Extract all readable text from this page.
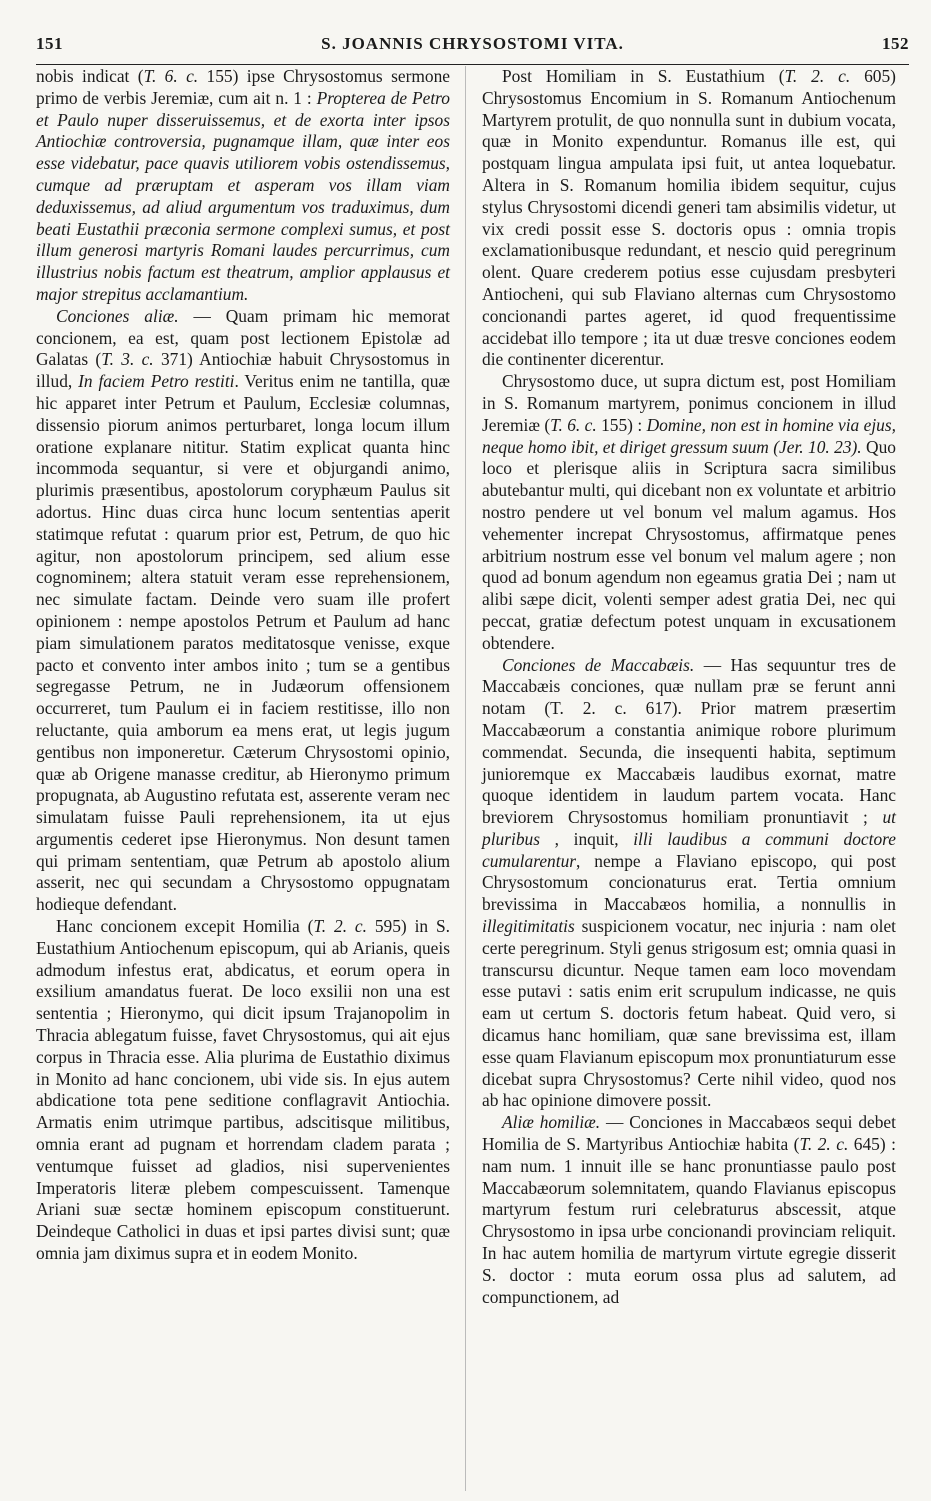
151	S. JOANNIS CHRYSOSTOMI VITA.	152

nobis indicat (T. 6. c. 155) ipse Chrysostomus sermone primo de verbis Jeremiæ, cum ait n. 1 : Propterea de Petro et Paulo nuper disseruissemus, et de exorta inter ipsos Antiochiæ controversia, pugnamque illam, quæ inter eos esse videbatur, pace quavis utiliorem vobis ostendissemus, cumque ad præruptam et asperam vos illam viam deduxissemus, ad aliud argumentum vos traduximus, dum beati Eustathii præconia sermone complexi sumus, et post illum generosi martyris Romani laudes percurrimus, cum illustrius nobis factum est theatrum, amplior applausus et major strepitus acclamantium.

Conciones aliæ. — Quam primam hic memorat concionem, ea est, quam post lectionem Epistolæ ad Galatas (T. 3. c. 371) Antiochiæ habuit Chrysostomus in illud, In faciem Petro restiti. Veritus enim ne tantilla, quæ hic apparet inter Petrum et Paulum, Ecclesiæ columnas, dissensio piorum animos perturbaret, longa locum illum oratione explanare nititur. Statim explicat quanta hinc incommoda sequantur, si vere et objurgandi animo, plurimis præsentibus, apostolorum coryphæum Paulus sit adortus. Hinc duas circa hunc locum sententias aperit statimque refutat : quarum prior est, Petrum, de quo hic agitur, non apostolorum principem, sed alium esse cognominem; altera statuit veram esse reprehensionem, nec simulate factam. Deinde vero suam ille profert opinionem : nempe apostolos Petrum et Paulum ad hanc piam simulationem paratos meditatosque venisse, exque pacto et convento inter ambos inito ; tum se a gentibus segregasse Petrum, ne in Judæorum offensionem occurreret, tum Paulum ei in faciem restitisse, illo non reluctante, quia amborum ea mens erat, ut legis jugum gentibus non imponeretur. Cæterum Chrysostomi opinio, quæ ab Origene manasse creditur, ab Hieronymo primum propugnata, ab Augustino refutata est, asserente veram nec simulatam fuisse Pauli reprehensionem, ita ut ejus argumentis cederet ipse Hieronymus. Non desunt tamen qui primam sententiam, quæ Petrum ab apostolo alium asserit, nec qui secundam a Chrysostomo oppugnatam hodieque defendant.

Hanc concionem excepit Homilia (T. 2. c. 595) in S. Eustathium Antiochenum episcopum, qui ab Arianis, queis admodum infestus erat, abdicatus, et eorum opera in exsilium amandatus fuerat. De loco exsilii non una est sententia ; Hieronymo, qui dicit ipsum Trajanopolim in Thracia ablegatum fuisse, favet Chrysostomus, qui ait ejus corpus in Thracia esse. Alia plurima de Eustathio diximus in Monito ad hanc concionem, ubi vide sis. In ejus autem abdicatione tota pene seditione conflagravit Antiochia. Armatis enim utrimque partibus, adscitisque militibus, omnia erant ad pugnam et horrendam cladem parata ; ventumque fuisset ad gladios, nisi supervenientes Imperatoris literæ plebem compescuissent. Tamenque Ariani suæ sectæ hominem episcopum constituerunt. Deindeque Catholici in duas et ipsi partes divisi sunt; quæ omnia jam diximus supra et in eodem Monito.

Post Homiliam in S. Eustathium (T. 2. c. 605) Chrysostomus Encomium in S. Romanum Antiochenum Martyrem protulit, de quo nonnulla sunt in dubium vocata, quæ in Monito expenduntur. Romanus ille est, qui postquam lingua ampulata ipsi fuit, ut antea loquebatur. Altera in S. Romanum homilia ibidem sequitur, cujus stylus Chrysostomi dicendi generi tam absimilis videtur, ut vix credi possit esse S. doctoris opus : omnia tropis exclamationibusque redundant, et nescio quid peregrinum olent. Quare crederem potius esse cujusdam presbyteri Antiocheni, qui sub Flaviano alternas cum Chrysostomo concionandi partes ageret, id quod frequentissime accidebat illo tempore ; ita ut duæ tresve conciones eodem die continenter dicerentur.

Chrysostomo duce, ut supra dictum est, post Homiliam in S. Romanum martyrem, ponimus concionem in illud Jeremiæ (T. 6. c. 155) : Domine, non est in homine via ejus, neque homo ibit, et diriget gressum suum (Jer. 10. 23). Quo loco et plerisque aliis in Scriptura sacra similibus abutebantur multi, qui dicebant non ex voluntate et arbitrio nostro pendere ut vel bonum vel malum agamus. Hos vehementer increpat Chrysostomus, affirmatque penes arbitrium nostrum esse vel bonum vel malum agere ; non quod ad bonum agendum non egeamus gratia Dei ; nam ut alibi sæpe dicit, volenti semper adest gratia Dei, nec qui peccat, gratiæ defectum potest unquam in excusationem obtendere.

Conciones de Maccabæis. — Has sequuntur tres de Maccabæis conciones, quæ nullam præ se ferunt anni notam (T. 2. c. 617). Prior matrem præsertim Maccabæorum a constantia animique robore plurimum commendat. Secunda, die insequenti habita, septimum junioremque ex Maccabæis laudibus exornat, matre quoque identidem in laudum partem vocata. Hanc breviorem Chrysostomus homiliam pronuntiavit ; ut pluribus , inquit, illi laudibus a communi doctore cumularentur, nempe a Flaviano episcopo, qui post Chrysostomum concionaturus erat. Tertia omnium brevissima in Maccabæos homilia, a nonnullis in illegitimitatis suspicionem vocatur, nec injuria : nam olet certe peregrinum. Styli genus strigosum est; omnia quasi in transcursu dicuntur. Neque tamen eam loco movendam esse putavi : satis enim erit scrupulum indicasse, ne quis eam ut certum S. doctoris fetum habeat. Quid vero, si dicamus hanc homiliam, quæ sane brevissima est, illam esse quam Flavianum episcopum mox pronuntiaturum esse dicebat supra Chrysostomus? Certe nihil video, quod nos ab hac opinione dimovere possit.

Aliæ homiliæ. — Conciones in Maccabæos sequi debet Homilia de S. Martyribus Antiochiæ habita (T. 2. c. 645) : nam num. 1 innuit ille se hanc pronuntiasse paulo post Maccabæorum solemnitatem, quando Flavianus episcopus martyrum festum ruri celebraturus abscessit, atque Chrysostomo in ipsa urbe concionandi provinciam reliquit. In hac autem homilia de martyrum virtute egregie disserit S. doctor : muta eorum ossa plus ad salutem, ad compunctionem, ad
